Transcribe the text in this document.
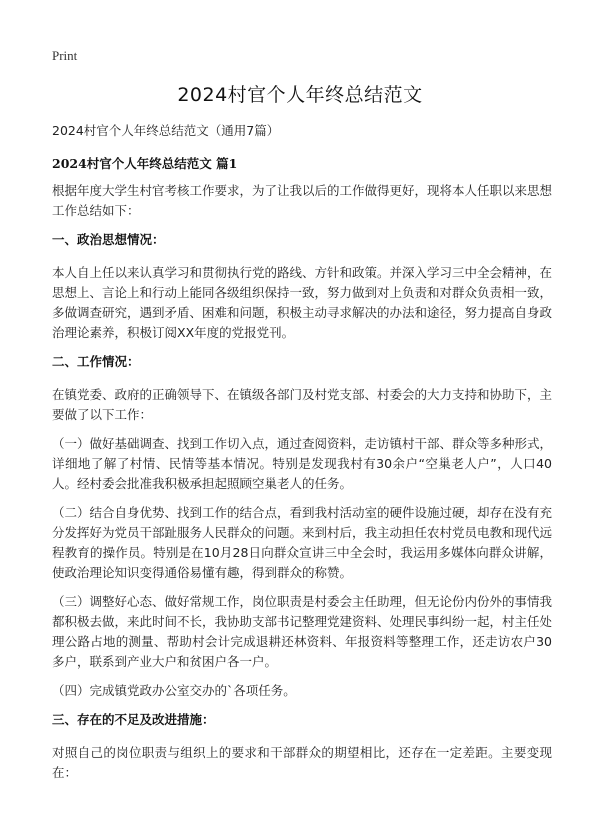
Print
2024村官个人年终总结范文
2024村官个人年终总结范文（通用7篇）
2024村官个人年终总结范文 篇1

根据年度大学生村官考核工作要求，为了让我以后的工作做得更好，现将本人任职以来思想工作总结如下：

一、政治思想情况：

本人自上任以来认真学习和贯彻执行党的路线、方针和政策。并深入学习三中全会精神，在思想上、言论上和行动上能同各级组织保持一致，努力做到对上负责和对群众负责相一致，多做调查研究，遇到矛盾、困难和问题，积极主动寻求解决的办法和途径，努力提高自身政治理论素养，积极订阅XX年度的党报党刊。

二、工作情况：

在镇党委、政府的正确领导下、在镇级各部门及村党支部、村委会的大力支持和协助下，主要做了以下工作：

（一）做好基础调查、找到工作切入点，通过查阅资料，走访镇村干部、群众等多种形式，详细地了解了村情、民情等基本情况。特别是发现我村有30余户“空巢老人户”，人口40人。经村委会批准我积极承担起照顾空巢老人的任务。

（二）结合自身优势、找到工作的结合点，看到我村活动室的硬件设施过硬，却存在没有充分发挥好为党员干部趾服务人民群众的问题。来到村后，我主动担任农村党员电教和现代远程教育的操作员。特别是在10月28日向群众宣讲三中全会时，我运用多媒体向群众讲解，使政治理论知识变得通俗易懂有趣，得到群众的称赞。

（三）调整好心态、做好常规工作，岗位职责是村委会主任助理，但无论份内份外的事情我都积极去做，来此时间不长，我协助支部书记整理党建资料、处理民事纠纷一起，村主任处理公路占地的测量、帮助村会计完成退耕还林资料、年报资料等整理工作，还走访农户30多户，联系到产业大户和贫困户各一户。

（四）完成镇党政办公室交办的`各项任务。

三、存在的不足及改进措施：

对照自己的岗位职责与组织上的要求和干部群众的期望相比，还存在一定差距。主要变现在：
